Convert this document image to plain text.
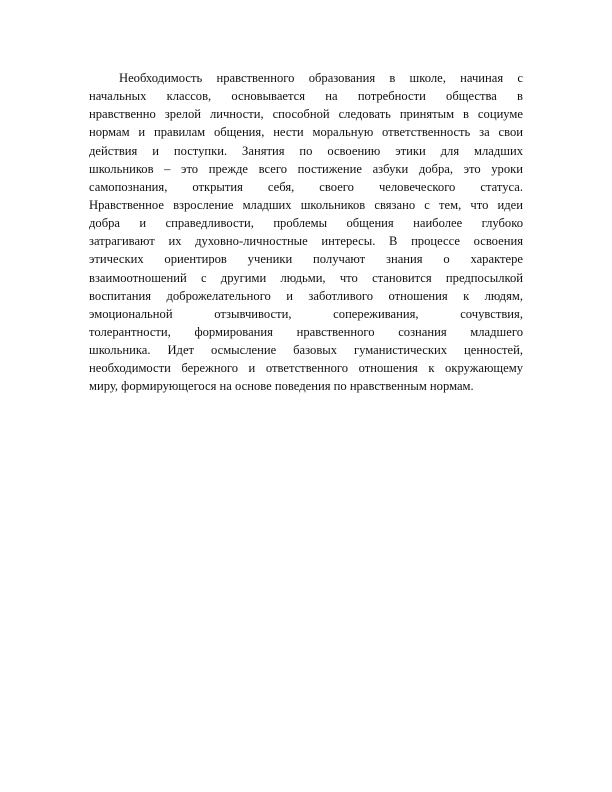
Необходимость нравственного образования в школе, начиная с
начальных классов, основывается на потребности общества в
нравственно зрелой личности, способной следовать принятым в социуме
нормам и правилам общения, нести моральную ответственность за свои
действия и поступки. Занятия по освоению этики для младших
школьников – это прежде всего постижение азбуки добра, это уроки
самопознания, открытия себя, своего человеческого статуса.
Нравственное взросление младших школьников связано с тем, что идеи
добра и справедливости, проблемы общения наиболее глубоко
затрагивают их духовно-личностные интересы. В процессе освоения
этических ориентиров ученики получают знания о характере
взаимоотношений с другими людьми, что становится предпосылкой
воспитания доброжелательного и заботливого отношения к людям,
эмоциональной отзывчивости, сопереживания, сочувствия,
толерантности, формирования нравственного сознания младшего
школьника. Идет осмысление базовых гуманистических ценностей,
необходимости бережного и ответственного отношения к окружающему
миру, формирующегося на основе поведения по нравственным нормам.
